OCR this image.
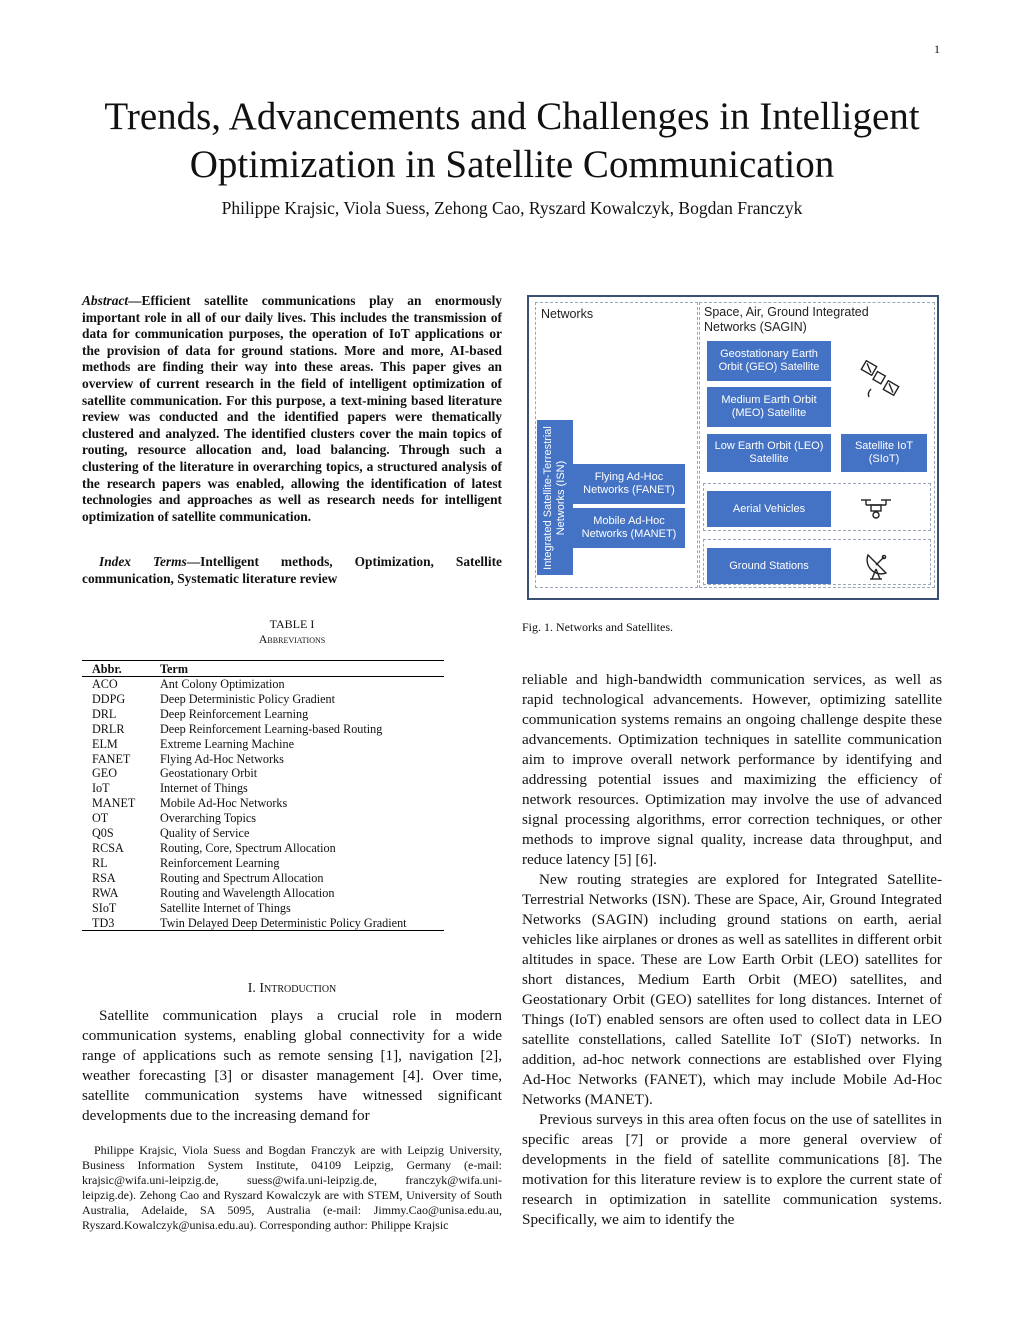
1
Trends, Advancements and Challenges in Intelligent Optimization in Satellite Communication
Philippe Krajsic, Viola Suess, Zehong Cao, Ryszard Kowalczyk, Bogdan Franczyk
Abstract—Efficient satellite communications play an enormously important role in all of our daily lives. This includes the transmission of data for communication purposes, the operation of IoT applications or the provision of data for ground stations. More and more, AI-based methods are finding their way into these areas. This paper gives an overview of current research in the field of intelligent optimization of satellite communication. For this purpose, a text-mining based literature review was conducted and the identified papers were thematically clustered and analyzed. The identified clusters cover the main topics of routing, resource allocation and, load balancing. Through such a clustering of the literature in overarching topics, a structured analysis of the research papers was enabled, allowing the identification of latest technologies and approaches as well as research needs for intelligent optimization of satellite communication.
Index Terms—Intelligent methods, Optimization, Satellite communication, Systematic literature review
TABLE I
Abbreviations
Abbr.	Term
ACO	Ant Colony Optimization
DDPG	Deep Deterministic Policy Gradient
DRL	Deep Reinforcement Learning
DRLR	Deep Reinforcement Learning-based Routing
ELM	Extreme Learning Machine
FANET	Flying Ad-Hoc Networks
GEO	Geostationary Orbit
IoT	Internet of Things
MANET	Mobile Ad-Hoc Networks
OT	Overarching Topics
Q0S	Quality of Service
RCSA	Routing, Core, Spectrum Allocation
RL	Reinforcement Learning
RSA	Routing and Spectrum Allocation
RWA	Routing and Wavelength Allocation
SIoT	Satellite Internet of Things
TD3	Twin Delayed Deep Deterministic Policy Gradient
I. Introduction

Satellite communication plays a crucial role in modern communication systems, enabling global connectivity for a wide range of applications such as remote sensing [1], navigation [2], weather forecasting [3] or disaster management [4]. Over time, satellite communication systems have witnessed significant developments due to the increasing demand for

Philippe Krajsic, Viola Suess and Bogdan Franczyk are with Leipzig University, Business Information System Institute, 04109 Leipzig, Germany (e-mail: krajsic@wifa.uni-leipzig.de, suess@wifa.uni-leipzig.de, franczyk@wifa.uni-leipzig.de). Zehong Cao and Ryszard Kowalczyk are with STEM, University of South Australia, Adelaide, SA 5095, Australia (e-mail: Jimmy.Cao@unisa.edu.au, Ryszard.Kowalczyk@unisa.edu.au). Corresponding author: Philippe Krajsic

Networks	Space, Air, Ground Integrated Networks (SAGIN)
Integrated Satellite-Terrestrial Networks (ISN)	Flying Ad-Hoc Networks (FANET)
Mobile Ad-Hoc Networks (MANET)
Geostationary Earth Orbit (GEO) Satellite
Medium Earth Orbit (MEO) Satellite
Low Earth Orbit (LEO) Satellite
Satellite IoT (SIoT)
Aerial Vehicles
Ground Stations
Fig. 1. Networks and Satellites.

reliable and high-bandwidth communication services, as well as rapid technological advancements. However, optimizing satellite communication systems remains an ongoing challenge despite these advancements. Optimization techniques in satellite communication aim to improve overall network performance by identifying and addressing potential issues and maximizing the efficiency of network resources. Optimization may involve the use of advanced signal processing algorithms, error correction techniques, or other methods to improve signal quality, increase data throughput, and reduce latency [5] [6].

New routing strategies are explored for Integrated Satellite-Terrestrial Networks (ISN). These are Space, Air, Ground Integrated Networks (SAGIN) including ground stations on earth, aerial vehicles like airplanes or drones as well as satellites in different orbit altitudes in space. These are Low Earth Orbit (LEO) satellites for short distances, Medium Earth Orbit (MEO) satellites, and Geostationary Orbit (GEO) satellites for long distances. Internet of Things (IoT) enabled sensors are often used to collect data in LEO satellite constellations, called Satellite IoT (SIoT) networks. In addition, ad-hoc network connections are established over Flying Ad-Hoc Networks (FANET), which may include Mobile Ad-Hoc Networks (MANET).

Previous surveys in this area often focus on the use of satellites in specific areas [7] or provide a more general overview of developments in the field of satellite communications [8]. The motivation for this literature review is to explore the current state of research in optimization in satellite communication systems. Specifically, we aim to identify the
